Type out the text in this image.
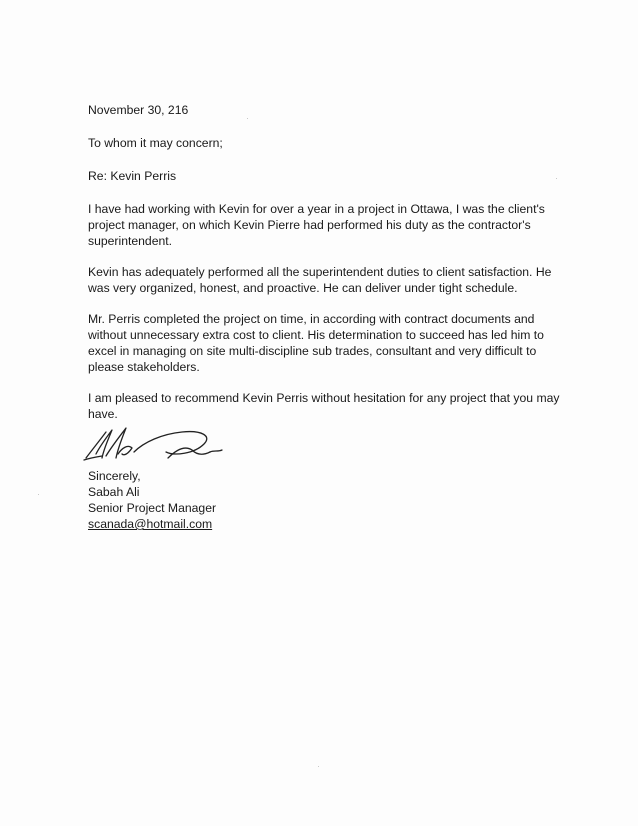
November 30, 216

To whom it may concern;

Re: Kevin Perris

I have had working with Kevin for over a year in a project in Ottawa, I was the client's project manager, on which Kevin Pierre had performed his duty as the contractor's superintendent.

Kevin has adequately performed all the superintendent duties to client satisfaction. He was very organized, honest, and proactive. He can deliver under tight schedule.

Mr. Perris completed the project on time, in according with contract documents and without unnecessary extra cost to client. His determination to succeed has led him to excel in managing on site multi-discipline sub trades, consultant and very difficult to please stakeholders.

I am pleased to recommend Kevin Perris without hesitation for any project that you may have.

Sincerely,

Sabah Ali

Senior Project Manager

scanada@hotmail.com
